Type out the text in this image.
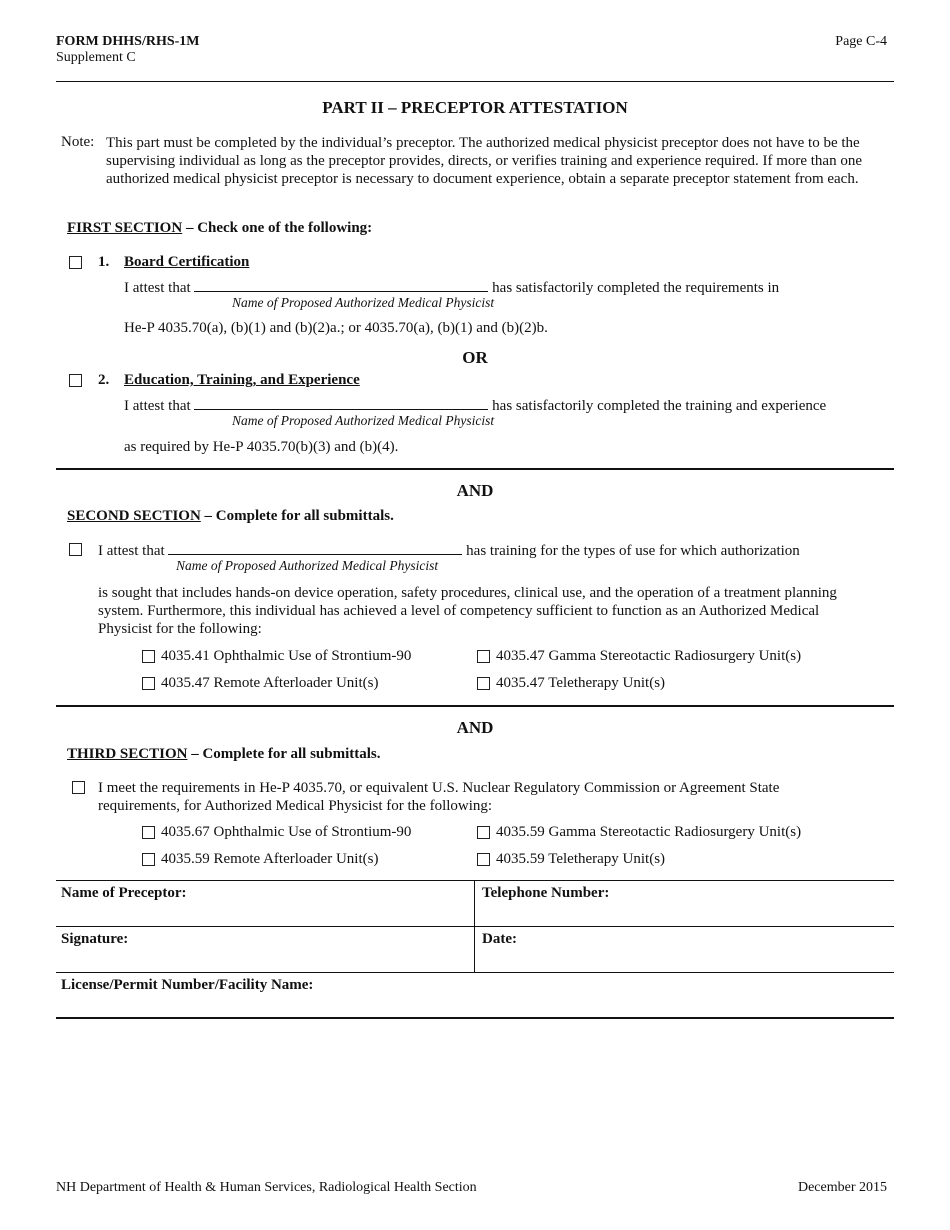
FORM DHHS/RHS-1M
Supplement C
Page C-4
PART II – PRECEPTOR ATTESTATION
Note: This part must be completed by the individual’s preceptor. The authorized medical physicist preceptor does not have to be the supervising individual as long as the preceptor provides, directs, or verifies training and experience required. If more than one authorized medical physicist preceptor is necessary to document experience, obtain a separate preceptor statement from each.
FIRST SECTION – Check one of the following:
1. Board Certification
I attest that	has satisfactorily completed the requirements in
Name of Proposed Authorized Medical Physicist
He-P 4035.70(a), (b)(1) and (b)(2)a.; or 4035.70(a), (b)(1) and (b)(2)b.
OR
2. Education, Training, and Experience
I attest that	has satisfactorily completed the training and experience
Name of Proposed Authorized Medical Physicist
as required by He-P 4035.70(b)(3) and (b)(4).
AND
SECOND SECTION – Complete for all submittals.
I attest that	has training for the types of use for which authorization
Name of Proposed Authorized Medical Physicist
is sought that includes hands-on device operation, safety procedures, clinical use, and the operation of a treatment planning system. Furthermore, this individual has achieved a level of competency sufficient to function as an Authorized Medical Physicist for the following:
4035.41 Ophthalmic Use of Strontium-90	4035.47 Gamma Stereotactic Radiosurgery Unit(s)
4035.47 Remote Afterloader Unit(s)	4035.47 Teletherapy Unit(s)
AND
THIRD SECTION – Complete for all submittals.
I meet the requirements in He-P 4035.70, or equivalent U.S. Nuclear Regulatory Commission or Agreement State requirements, for Authorized Medical Physicist for the following:
4035.67 Ophthalmic Use of Strontium-90	4035.59 Gamma Stereotactic Radiosurgery Unit(s)
4035.59 Remote Afterloader Unit(s)	4035.59 Teletherapy Unit(s)
Name of Preceptor:	Telephone Number:
Signature:	Date:
License/Permit Number/Facility Name:
NH Department of Health & Human Services, Radiological Health Section	December 2015
